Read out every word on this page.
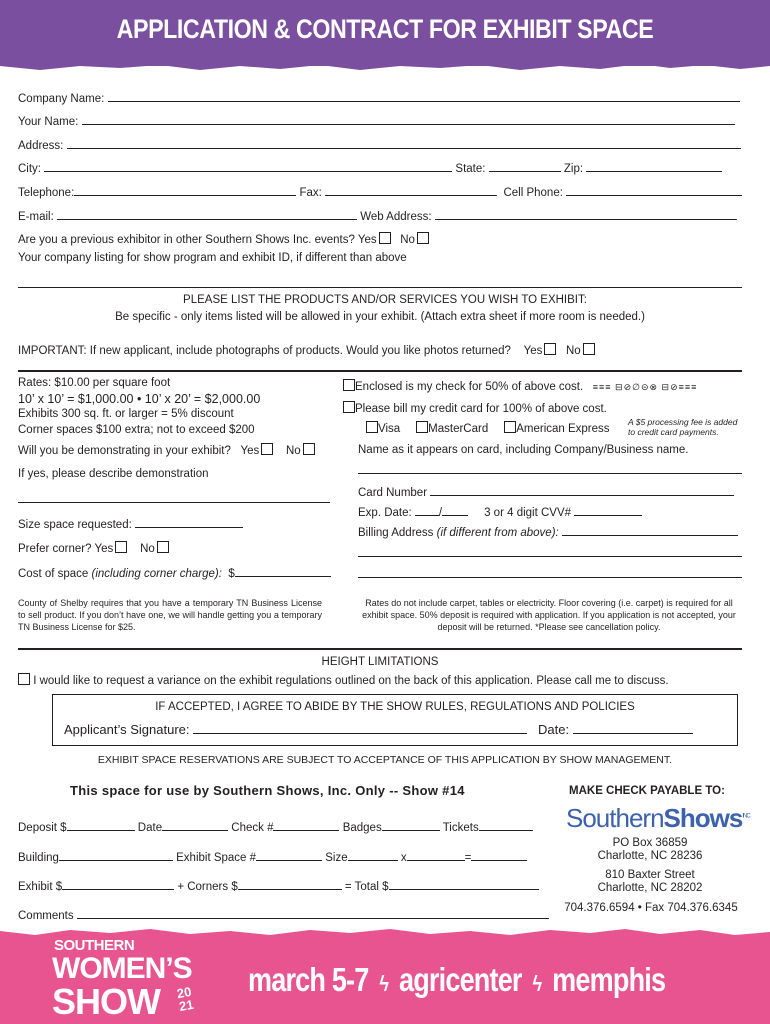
APPLICATION & CONTRACT FOR EXHIBIT SPACE
Company Name:
Your Name:
Address:
City:	State:	Zip:
Telephone:	Fax:	Cell Phone:
E-mail:	Web Address:
Are you a previous exhibitor in other Southern Shows Inc. events? Yes No
Your company listing for show program and exhibit ID, if different than above
PLEASE LIST THE PRODUCTS AND/OR SERVICES YOU WISH TO EXHIBIT:
Be specific - only items listed will be allowed in your exhibit. (Attach extra sheet if more room is needed.)
IMPORTANT: If new applicant, include photographs of products. Would you like photos returned? Yes No
Rates: $10.00 per square foot
10’ x 10’ = $1,000.00 • 10’ x 20’ = $2,000.00
Exhibits 300 sq. ft. or larger = 5% discount
Corner spaces $100 extra; not to exceed $200
Will you be demonstrating in your exhibit? Yes No
If yes, please describe demonstration
Size space requested:
Prefer corner? Yes No
Cost of space (including corner charge): $
County of Shelby requires that you have a temporary TN Business License to sell product. If you don’t have one, we will handle getting you a temporary TN Business License for $25.
Enclosed is my check for 50% of above cost. ≡≡≡ ⊟⊘∅⊝⊗ ⊟⊘≡≡≡
Please bill my credit card for 100% of above cost.
Visa MasterCard American Express
A $5 processing fee is added
to credit card payments.
Name as it appears on card, including Company/Business name.
Card Number
Exp. Date: /	3 or 4 digit CVV#
Billing Address (if different from above):
Rates do not include carpet, tables or electricity. Floor covering (i.e. carpet) is required for all exhibit space. 50% deposit is required with application. If you application is not accepted, your deposit will be returned. *Please see cancellation policy.
HEIGHT LIMITATIONS
I would like to request a variance on the exhibit regulations outlined on the back of this application. Please call me to discuss.
IF ACCEPTED, I AGREE TO ABIDE BY THE SHOW RULES, REGULATIONS AND POLICIES
Applicant’s Signature:	Date:
EXHIBIT SPACE RESERVATIONS ARE SUBJECT TO ACCEPTANCE OF THIS APPLICATION BY SHOW MANAGEMENT.
This space for use by Southern Shows, Inc. Only -- Show #14
Deposit $	Date	Check #	Badges	Tickets
Building	Exhibit Space #	Size	x	=
Exhibit $	+ Corners $	= Total $
Comments
MAKE CHECK PAYABLE TO:
SouthernShows$^{INC}$
PO Box 36859
Charlotte, NC 28236
810 Baxter Street
Charlotte, NC 28202
704.376.6594 • Fax 704.376.6345
SOUTHERN
WOMEN’S
SHOW 20
21
march 5-7  ϟ  agricenter  ϟ  memphis
